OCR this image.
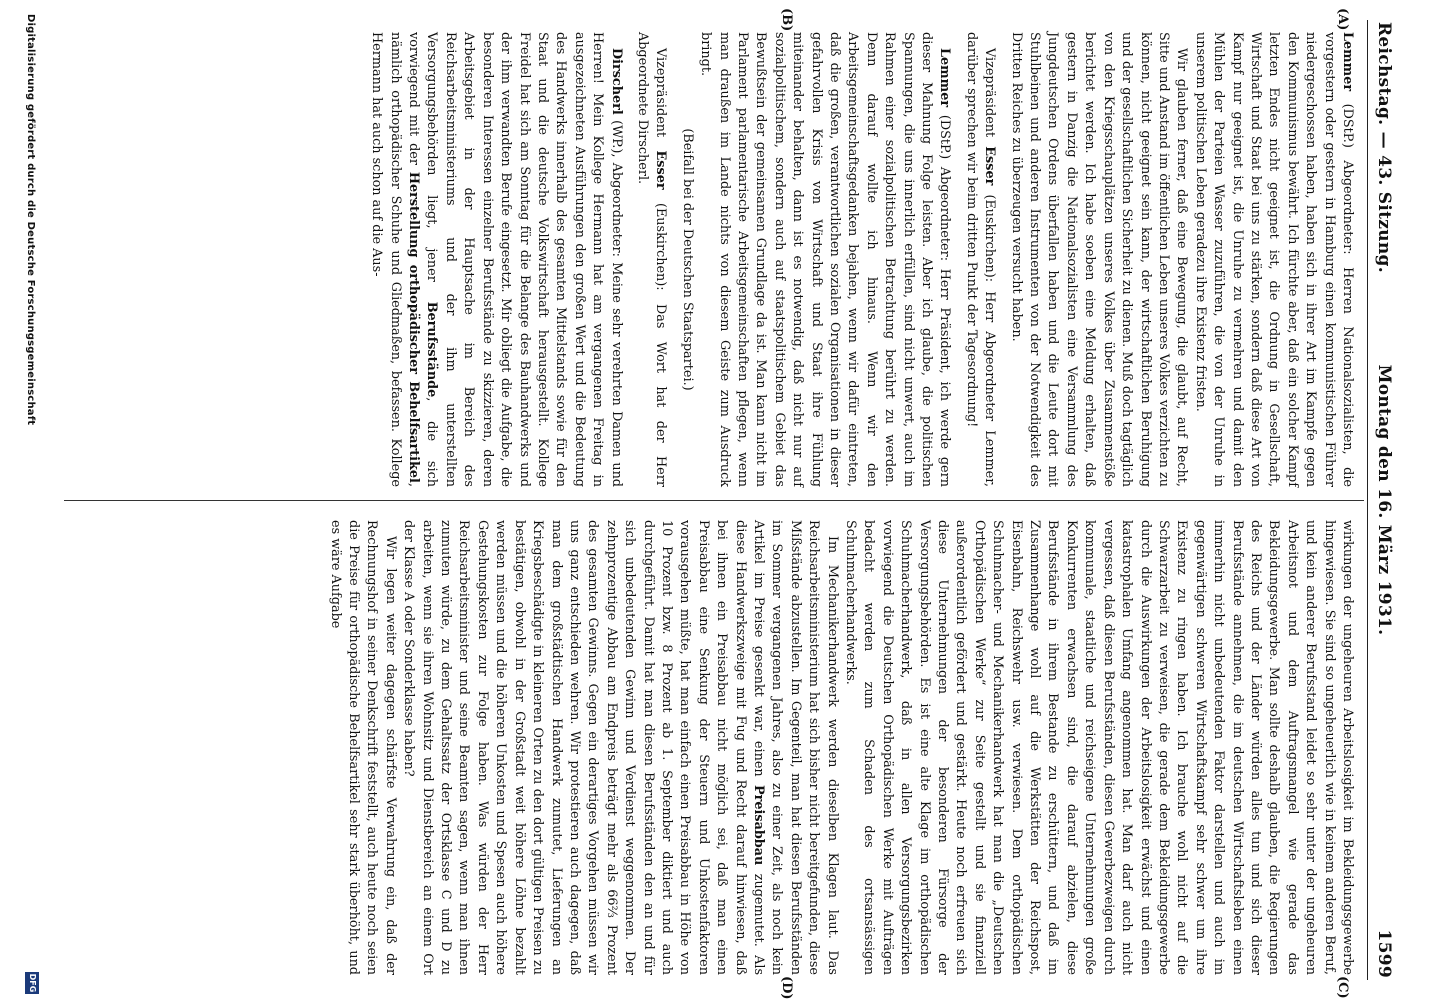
Reichstag. — 43. Sitzung.
Montag den 16. März 1931.
1599
(A)
(B)
(C)
(D)

Lemmer (DStP.) Abgeordneter: Herren Nationalsozialisten, die vorgestern oder gestern in Hamburg einen kommunistischen Führer niedergeschossen haben, haben sich in ihrer Art im Kampfe gegen den Kommunismus bewährt. Ich fürchte aber, daß ein solcher Kampf letzten Endes nicht geeignet ist, die Ordnung in Gesellschaft, Wirtschaft und Staat bei uns zu stärken, sondern daß diese Art von Kampf nur geeignet ist, die Unruhe zu vermehren und damit den Mühlen der Parteien Wasser zuzuführen, die von der Unruhe in unserem politischen Leben geradezu ihre Existenz fristen.

Wir glauben ferner, daß eine Bewegung, die glaubt, auf Recht, Sitte und Anstand im öffentlichen Leben unseres Volkes verzichten zu können, nicht geeignet sein kann, der wirtschaftlichen Beruhigung und der gesellschaftlichen Sicherheit zu dienen. Muß doch tagtäglich von den Kriegsschauplätzen unseres Volkes über Zusammenstöße berichtet werden. Ich habe soeben eine Meldung erhalten, daß gestern in Danzig die Nationalsozialisten eine Versammlung des Jungdeutschen Ordens überfallen haben und die Leute dort mit Stuhlbeinen und anderen Instrumenten von der Notwendigkeit des Dritten Reiches zu überzeugen versucht haben.

Vizepräsident Esser (Euskirchen): Herr Abgeordneter Lemmer, darüber sprechen wir beim dritten Punkt der Tagesordnung!

Lemmer (DStP.) Abgeordneter: Herr Präsident, ich werde gern dieser Mahnung Folge leisten. Aber ich glaube, die politischen Spannungen, die uns innerlich erfüllen, sind nicht unwert, auch im Rahmen einer sozialpolitischen Betrachtung berührt zu werden. Denn darauf wollte ich hinaus. Wenn wir den Arbeitsgemeinschaftsgedanken bejahen, wenn wir dafür eintreten, daß die großen, verantwortlichen sozialen Organisationen in dieser gefahrvollen Krisis von Wirtschaft und Staat ihre Fühlung miteinander behalten, dann ist es notwendig, daß nicht nur auf sozialpolitischem, sondern auch auf staatspolitischem Gebiet das Bewußtsein der gemeinsamen Grundlage da ist. Man kann nicht im Parlament parlamentarische Arbeitsgemeinschaften pflegen, wenn man draußen im Lande nichts von diesem Geiste zum Ausdruck bringt.

(Beifall bei der Deutschen Staatspartei.)

Vizepräsident Esser (Euskirchen): Das Wort hat der Herr Abgeordnete Dirscherl.

Dirscherl (WP.), Abgeordneter: Meine sehr verehrten Damen und Herren! Mein Kollege Hermann hat am vergangenen Freitag in ausgezeichneten Ausführungen den großen Wert und die Bedeutung des Handwerks innerhalb des gesamten Mittelstands sowie für den Staat und die deutsche Volkswirtschaft herausgestellt. Kollege Freidel hat sich am Sonntag für die Belange des Bauhandwerks und der ihm verwandten Berufe eingesetzt. Mir obliegt die Aufgabe, die besonderen Interessen einzelner Berufsstände zu skizzieren, deren Arbeitsgebiet in der Hauptsache im Bereich des Reichsarbeitsministeriums und der ihm unterstellten Versorgungsbehörden liegt, jener Berufsstände, die sich vorwiegend mit der Herstellung orthopädischer Behelfsartikel, nämlich orthopädischer Schuhe und Gliedmaßen, befassen. Kollege Hermann hat auch schon auf die Aus-

wirkungen der ungeheuren Arbeitslosigkeit im Bekleidungsgewerbe hingewiesen. Sie sind so ungeheuerlich wie in keinem anderen Beruf, und kein anderer Berufsstand leidet so sehr unter der ungeheuren Arbeitsnot und dem Auftragsmangel wie gerade das Bekleidungsgewerbe. Man sollte deshalb glauben, die Regierungen des Reichs und der Länder würden alles tun und sich dieser Berufsstände annehmen, die im deutschen Wirtschaftsleben einen immerhin nicht unbedeutenden Faktor darstellen und auch im gegenwärtigen schweren Wirtschaftskampf sehr schwer um ihre Existenz zu ringen haben. Ich brauche wohl nicht auf die Schwarzarbeit zu verweisen, die gerade dem Bekleidungsgewerbe durch die Auswirkungen der Arbeitslosigkeit erwächst und einen katastrophalen Umfang angenommen hat. Man darf auch nicht vergessen, daß diesen Berufsständen, diesen Gewerbezweigen durch kommunale, staatliche und reichseigene Unternehmungen große Konkurrenten erwachsen sind, die darauf abzielen, diese Berufsstände in ihrem Bestande zu erschüttern, und daß im Zusammenhange wohl auf die Werkstätten der Reichspost, Eisenbahn, Reichswehr usw. verwiesen. Dem orthopädischen Schuhmacher- und Mechanikerhandwerk hat man die „Deutschen Orthopädischen Werke“ zur Seite gestellt und sie finanziell außerordentlich gefördert und gestärkt. Heute noch erfreuen sich diese Unternehmungen der besonderen Fürsorge der Versorgungsbehörden. Es ist eine alte Klage im orthopädischen Schuhmacherhandwerk, daß in allen Versorgungsbezirken vorwiegend die Deutschen Orthopädischen Werke mit Aufträgen bedacht werden zum Schaden des ortsansässigen Schuhmacherhandwerks.

Im Mechanikerhandwerk werden dieselben Klagen laut. Das Reichsarbeitsministerium hat sich bisher nicht bereitgefunden, diese Mißstände abzustellen. Im Gegenteil, man hat diesen Berufsständen im Sommer vergangenen Jahres, also zu einer Zeit, als noch kein Artikel im Preise gesenkt war, einen Preisabbau zugemutet. Als diese Handwerkszweige mit Fug und Recht darauf hinwiesen, daß bei ihnen ein Preisabbau nicht möglich sei, daß man einen Preisabbau eine Senkung der Steuern und Unkostenfaktoren vorausgehen müßte, hat man einfach einen Preisabbau in Höhe von 10 Prozent bzw. 8 Prozent ab 1. September diktiert und auch durchgeführt. Damit hat man diesen Berufsständen den an und für sich unbedeutenden Gewinn und Verdienst weggenommen. Der zehnprozentige Abbau am Endpreis beträgt mehr als 66⅔ Prozent des gesamten Gewinns. Gegen ein derartiges Vorgehen müssen wir uns ganz entschieden wehren. Wir protestieren auch dagegen, daß man dem großstädtischen Handwerk zumutet, Lieferungen an Kriegsbeschädigte in kleineren Orten zu den dort gültigen Preisen zu bestätigen, obwohl in der Großstadt weit höhere Löhne bezahlt werden müssen und die höheren Unkosten und Spesen auch höhere Gestehungskosten zur Folge haben. Was würden der Herr Reichsarbeitsminister und seine Beamten sagen, wenn man ihnen zumuten würde, zu dem Gehaltssatz der Ortsklasse C und D zu arbeiten, wenn sie ihren Wohnsitz und Dienstbereich an einem Ort der Klasse A oder Sonderklasse haben?

Wir legen weiter dagegen schärfste Verwahrung ein, daß der Rechnungshof in seiner Denkschrift feststellt, auch heute noch seien die Preise für orthopädische Behelfsartikel sehr stark überhöht, und es wäre Aufgabe

Digitalisierung gefördert durch die Deutsche Forschungsgemeinschaft
DFG
